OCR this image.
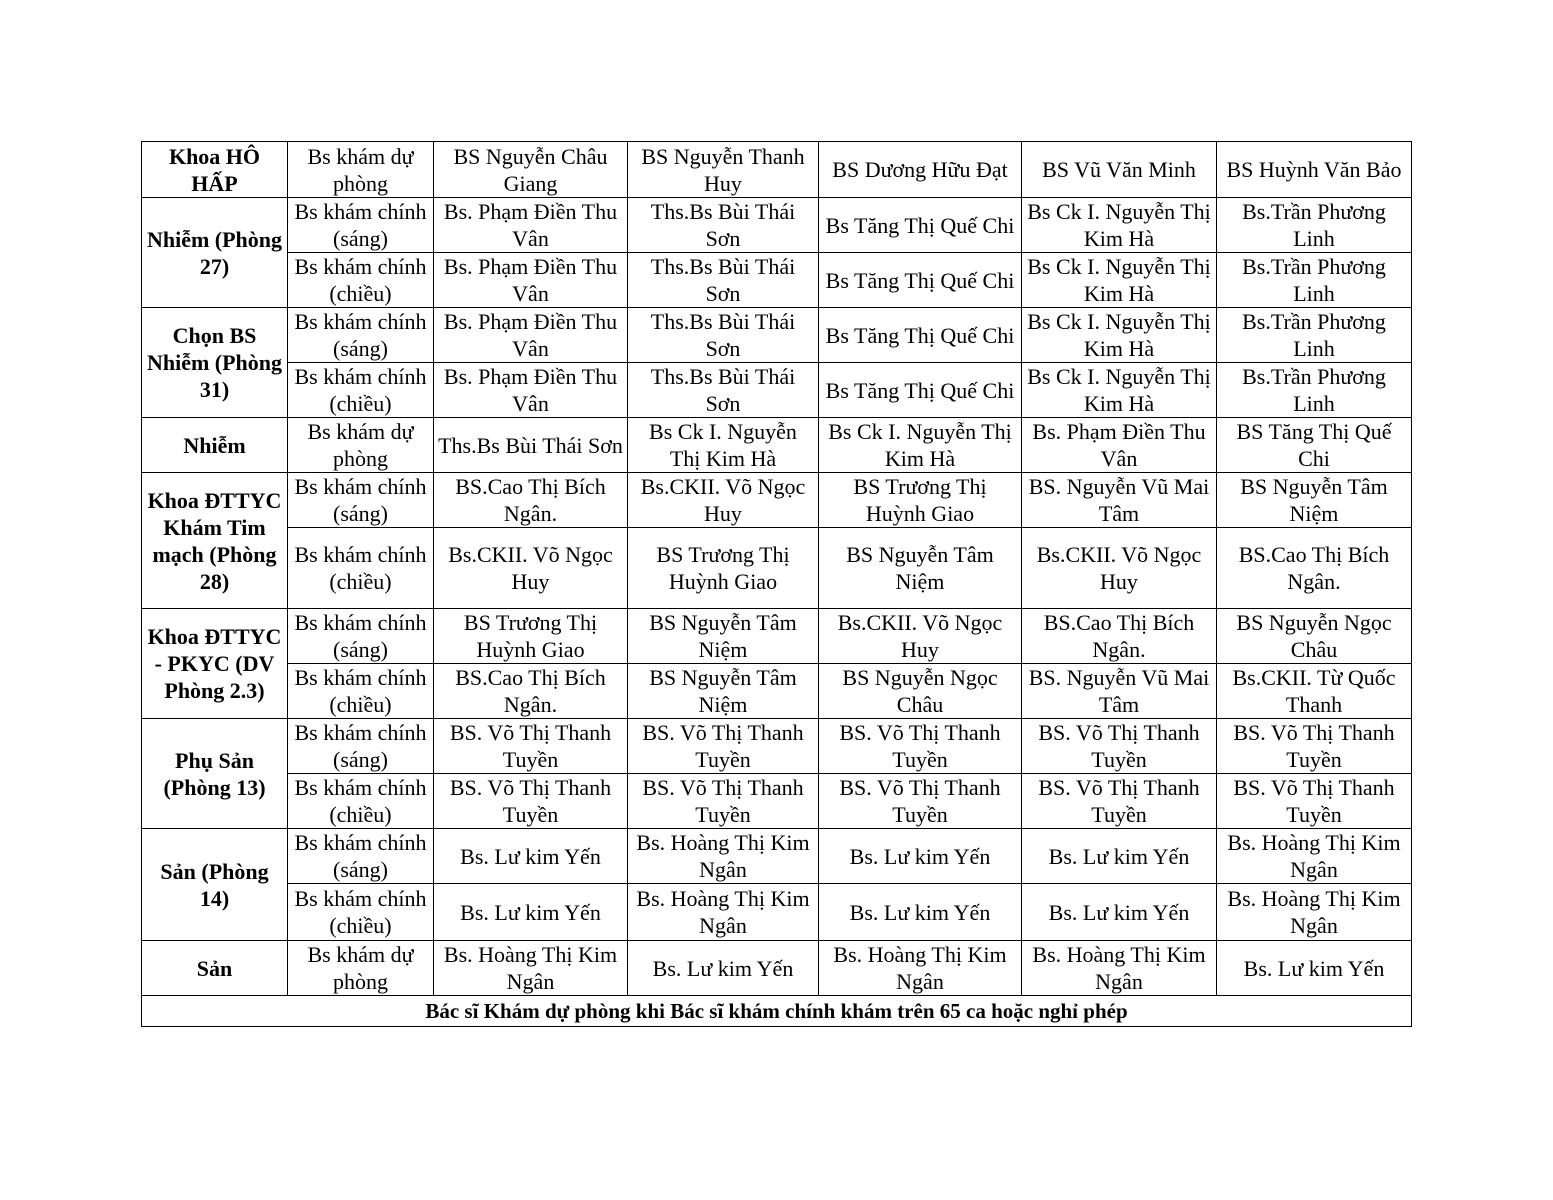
Khoa HÔ HẤP	Bs khám dự phòng	BS Nguyễn Châu Giang	BS Nguyễn Thanh Huy	BS Dương Hữu Đạt	BS Vũ Văn Minh	BS Huỳnh Văn Bảo
Nhiễm (Phòng 27)	Bs khám chính (sáng)	Bs. Phạm Điền Thu Vân	Ths.Bs Bùi Thái Sơn	Bs Tăng Thị Quế Chi	Bs Ck I. Nguyễn Thị Kim Hà	Bs.Trần Phương Linh
	Bs khám chính (chiều)	Bs. Phạm Điền Thu Vân	Ths.Bs Bùi Thái Sơn	Bs Tăng Thị Quế Chi	Bs Ck I. Nguyễn Thị Kim Hà	Bs.Trần Phương Linh
Chọn BS Nhiễm (Phòng 31)	Bs khám chính (sáng)	Bs. Phạm Điền Thu Vân	Ths.Bs Bùi Thái Sơn	Bs Tăng Thị Quế Chi	Bs Ck I. Nguyễn Thị Kim Hà	Bs.Trần Phương Linh
	Bs khám chính (chiều)	Bs. Phạm Điền Thu Vân	Ths.Bs Bùi Thái Sơn	Bs Tăng Thị Quế Chi	Bs Ck I. Nguyễn Thị Kim Hà	Bs.Trần Phương Linh
Nhiễm	Bs khám dự phòng	Ths.Bs Bùi Thái Sơn	Bs Ck I. Nguyễn Thị Kim Hà	Bs Ck I. Nguyễn Thị Kim Hà	Bs. Phạm Điền Thu Vân	BS Tăng Thị Quế Chi
Khoa ĐTTYC Khám Tim mạch (Phòng 28)	Bs khám chính (sáng)	BS.Cao Thị Bích Ngân.	Bs.CKII. Võ Ngọc Huy	BS Trương Thị Huỳnh Giao	BS. Nguyễn Vũ Mai Tâm	BS Nguyễn Tâm Niệm
	Bs khám chính (chiều)	Bs.CKII. Võ Ngọc Huy	BS Trương Thị Huỳnh Giao	BS Nguyễn Tâm Niệm	Bs.CKII. Võ Ngọc Huy	BS.Cao Thị Bích Ngân.
Khoa ĐTTYC - PKYC (DV Phòng 2.3)	Bs khám chính (sáng)	BS Trương Thị Huỳnh Giao	BS Nguyễn Tâm Niệm	Bs.CKII. Võ Ngọc Huy	BS.Cao Thị Bích Ngân.	BS Nguyễn Ngọc Châu
	Bs khám chính (chiều)	BS.Cao Thị Bích Ngân.	BS Nguyễn Tâm Niệm	BS Nguyễn Ngọc Châu	BS. Nguyễn Vũ Mai Tâm	Bs.CKII. Từ Quốc Thanh
Phụ Sản (Phòng 13)	Bs khám chính (sáng)	BS. Võ Thị Thanh Tuyền	BS. Võ Thị Thanh Tuyền	BS. Võ Thị Thanh Tuyền	BS. Võ Thị Thanh Tuyền	BS. Võ Thị Thanh Tuyền
	Bs khám chính (chiều)	BS. Võ Thị Thanh Tuyền	BS. Võ Thị Thanh Tuyền	BS. Võ Thị Thanh Tuyền	BS. Võ Thị Thanh Tuyền	BS. Võ Thị Thanh Tuyền
Sản (Phòng 14)	Bs khám chính (sáng)	Bs. Lư kim Yến	Bs. Hoàng Thị Kim Ngân	Bs. Lư kim Yến	Bs. Lư kim Yến	Bs. Hoàng Thị Kim Ngân
	Bs khám chính (chiều)	Bs. Lư kim Yến	Bs. Hoàng Thị Kim Ngân	Bs. Lư kim Yến	Bs. Lư kim Yến	Bs. Hoàng Thị Kim Ngân
Sản	Bs khám dự phòng	Bs. Hoàng Thị Kim Ngân	Bs. Lư kim Yến	Bs. Hoàng Thị Kim Ngân	Bs. Hoàng Thị Kim Ngân	Bs. Lư kim Yến
Bác sĩ Khám dự phòng khi Bác sĩ khám chính khám trên 65 ca hoặc nghỉ phép						
